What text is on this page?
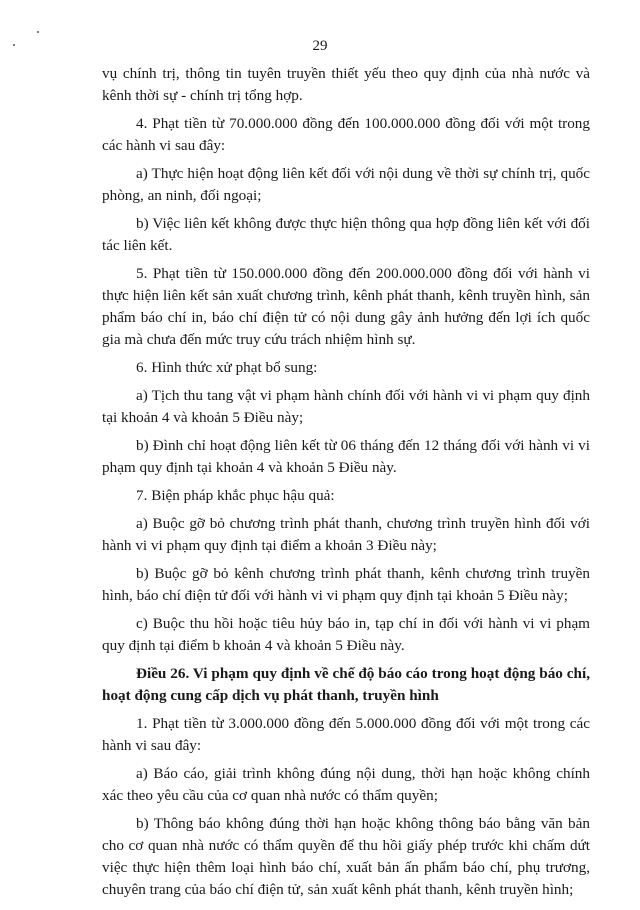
29

vụ chính trị, thông tin tuyên truyền thiết yếu theo quy định của nhà nước và kênh thời sự - chính trị tổng hợp.

4. Phạt tiền từ 70.000.000 đồng đến 100.000.000 đồng đối với một trong các hành vi sau đây:

a) Thực hiện hoạt động liên kết đối với nội dung về thời sự chính trị, quốc phòng, an ninh, đối ngoại;

b) Việc liên kết không được thực hiện thông qua hợp đồng liên kết với đối tác liên kết.

5. Phạt tiền từ 150.000.000 đồng đến 200.000.000 đồng đối với hành vi thực hiện liên kết sản xuất chương trình, kênh phát thanh, kênh truyền hình, sản phẩm báo chí in, báo chí điện tử có nội dung gây ảnh hưởng đến lợi ích quốc gia mà chưa đến mức truy cứu trách nhiệm hình sự.

6. Hình thức xử phạt bổ sung:

a) Tịch thu tang vật vi phạm hành chính đối với hành vi vi phạm quy định tại khoản 4 và khoản 5 Điều này;

b) Đình chỉ hoạt động liên kết từ 06 tháng đến 12 tháng đối với hành vi vi phạm quy định tại khoản 4 và khoản 5 Điều này.

7. Biện pháp khắc phục hậu quả:

a) Buộc gỡ bỏ chương trình phát thanh, chương trình truyền hình đối với hành vi vi phạm quy định tại điểm a khoản 3 Điều này;

b) Buộc gỡ bỏ kênh chương trình phát thanh, kênh chương trình truyền hình, báo chí điện tử đối với hành vi vi phạm quy định tại khoản 5 Điều này;

c) Buộc thu hồi hoặc tiêu hủy báo in, tạp chí in đối với hành vi vi phạm quy định tại điểm b khoản 4 và khoản 5 Điều này.

Điều 26. Vi phạm quy định về chế độ báo cáo trong hoạt động báo chí, hoạt động cung cấp dịch vụ phát thanh, truyền hình

1. Phạt tiền từ 3.000.000 đồng đến 5.000.000 đồng đối với một trong các hành vi sau đây:

a) Báo cáo, giải trình không đúng nội dung, thời hạn hoặc không chính xác theo yêu cầu của cơ quan nhà nước có thẩm quyền;

b) Thông báo không đúng thời hạn hoặc không thông báo bằng văn bản cho cơ quan nhà nước có thẩm quyền để thu hồi giấy phép trước khi chấm dứt việc thực hiện thêm loại hình báo chí, xuất bản ấn phẩm báo chí, phụ trương, chuyên trang của báo chí điện tử, sản xuất kênh phát thanh, kênh truyền hình;
